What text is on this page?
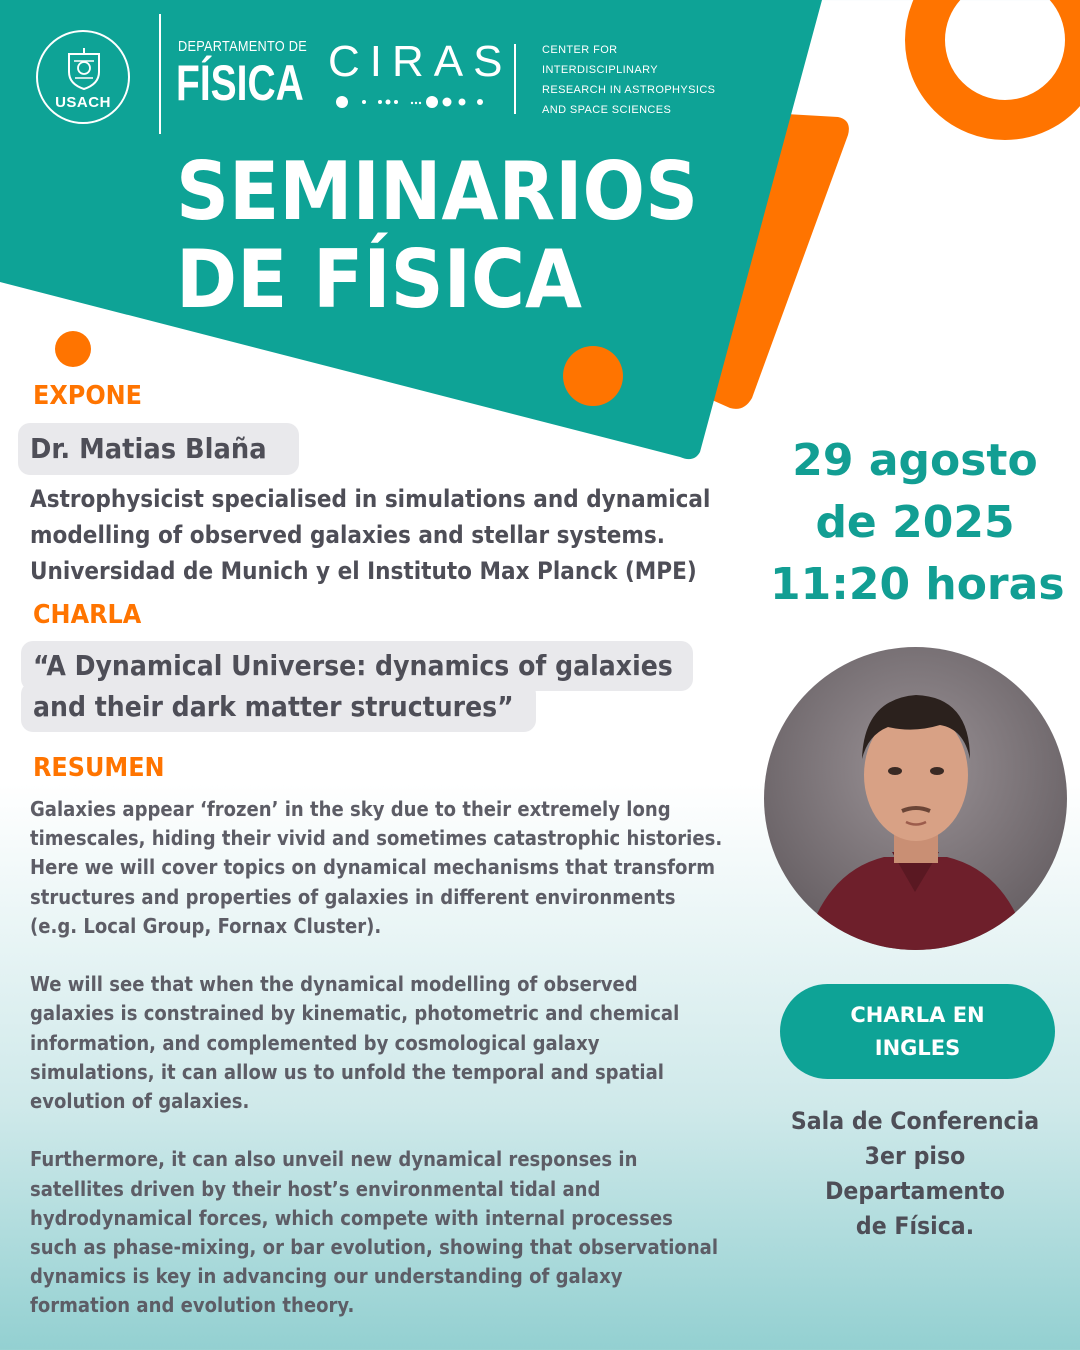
USACH
DEPARTAMENTO DE
FÍSICA CIRAS	CENTER FOR
INTERDISCIPLINARY
RESEARCH IN ASTROPHYSICS
AND SPACE SCIENCES
SEMINARIOS
DE FÍSICA
EXPONE
Dr. Matias Blaña
Astrophysicist specialised in simulations and dynamical
modelling of observed galaxies and stellar systems.
Universidad de Munich y el Instituto Max Planck (MPE)
CHARLA
“A Dynamical Universe: dynamics of galaxies
and their dark matter structures”
RESUMEN

Galaxies appear ‘frozen’ in the sky due to their extremely long
timescales, hiding their vivid and sometimes catastrophic histories.
Here we will cover topics on dynamical mechanisms that transform
structures and properties of galaxies in different environments
(e.g. Local Group, Fornax Cluster).

We will see that when the dynamical modelling of observed
galaxies is constrained by kinematic, photometric and chemical
information, and complemented by cosmological galaxy
simulations, it can allow us to unfold the temporal and spatial
evolution of galaxies.

Furthermore, it can also unveil new dynamical responses in
satellites driven by their host’s environmental tidal and
hydrodynamical forces, which compete with internal processes
such as phase-mixing, or bar evolution, showing that observational
dynamics is key in advancing our understanding of galaxy
formation and evolution theory.

29 agosto
de 2025
11:20 horas
CHARLA EN
INGLES
Sala de Conferencia
3er piso
Departamento
de Física.
